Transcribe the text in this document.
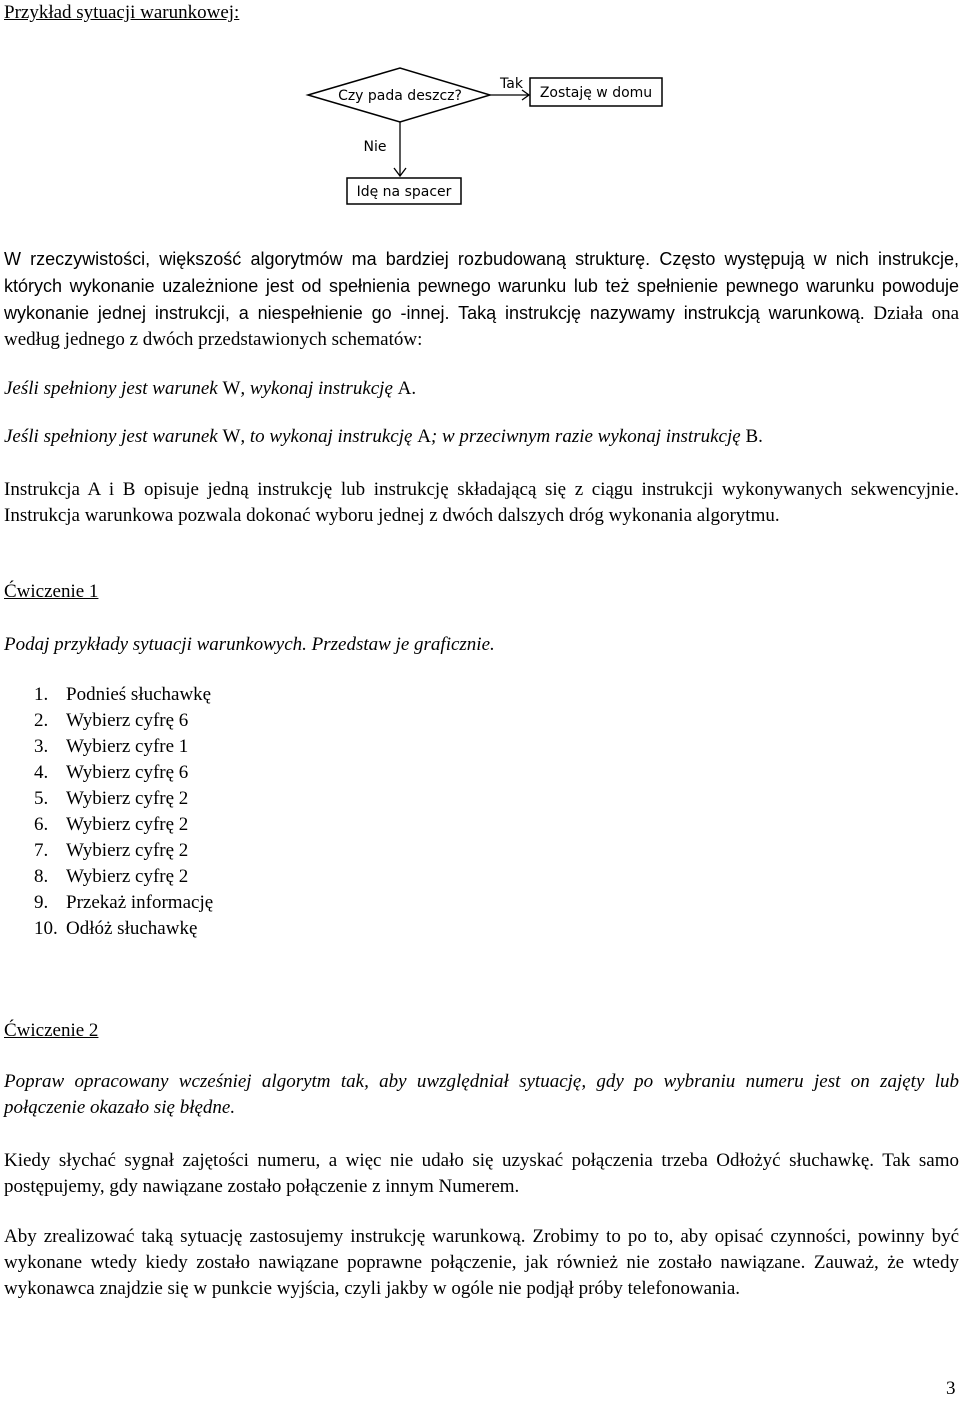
Przykład sytuacji warunkowej:
Czy pada deszcz?
Tak
Zostaję w domu
Nie
Idę na spacer

W rzeczywistości, większość algorytmów ma bardziej rozbudowaną strukturę. Często występują w nich instrukcje, których wykonanie uzależnione jest od spełnienia pewnego warunku lub też spełnienie pewnego warunku powoduje wykonanie jednej instrukcji, a niespełnienie go -innej. Taką instrukcję nazywamy instrukcją warunkową. Działa ona według jednego z dwóch przedstawionych schematów:

Jeśli spełniony jest warunek W, wykonaj instrukcję A.

Jeśli spełniony jest warunek W, to wykonaj instrukcję A; w przeciwnym razie wykonaj instrukcję B.

Instrukcja A i B opisuje jedną instrukcję lub instrukcję składającą się z ciągu instrukcji wykonywanych sekwencyjnie. Instrukcja warunkowa pozwala dokonać wyboru jednej z dwóch dalszych dróg wykonania algorytmu.

Ćwiczenie 1
Podaj przykłady sytuacji warunkowych. Przedstaw je graficznie.
1. Podnieś słuchawkę
2. Wybierz cyfrę 6
3. Wybierz cyfre 1
4. Wybierz cyfrę 6
5. Wybierz cyfrę 2
6. Wybierz cyfrę 2
7. Wybierz cyfrę 2
8. Wybierz cyfrę 2
9. Przekaż informację
10. Odłóż słuchawkę
Ćwiczenie 2

Popraw opracowany wcześniej algorytm tak, aby uwzględniał sytuację, gdy po wybraniu numeru jest on zajęty lub połączenie okazało się błędne.

Kiedy słychać sygnał zajętości numeru, a więc nie udało się uzyskać połączenia trzeba Odłożyć słuchawkę. Tak samo postępujemy, gdy nawiązane zostało połączenie z innym Numerem.

Aby zrealizować taką sytuację zastosujemy instrukcję warunkową. Zrobimy to po to, aby opisać czynności, powinny być wykonane wtedy kiedy zostało nawiązane poprawne połączenie, jak również nie zostało nawiązane. Zauważ, że wtedy wykonawca znajdzie się w punkcie wyjścia, czyli jakby w ogóle nie podjął próby telefonowania.

3
